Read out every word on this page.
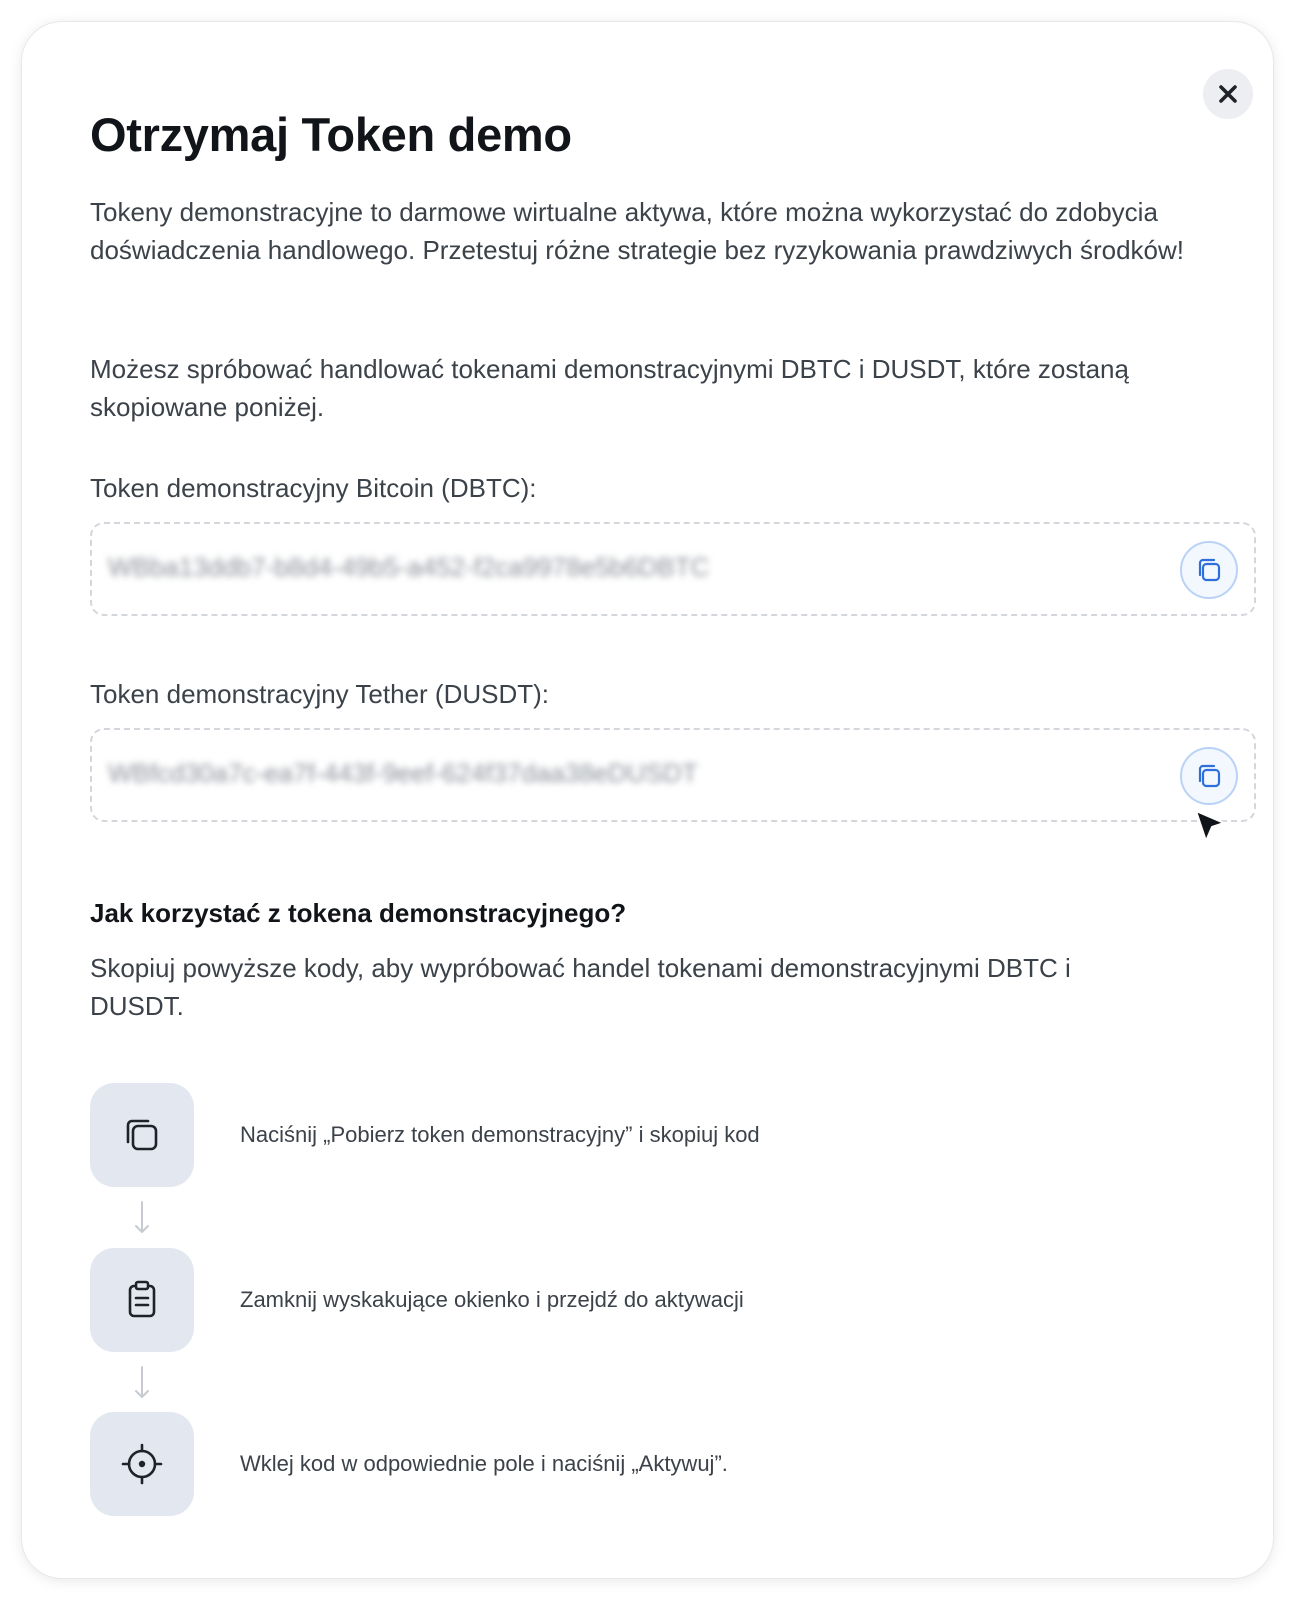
Otrzymaj Token demo

Tokeny demonstracyjne to darmowe wirtualne aktywa, które można wykorzystać do zdobycia doświadczenia handlowego. Przetestuj różne strategie bez ryzykowania prawdziwych środków!

Możesz spróbować handlować tokenami demonstracyjnymi DBTC i DUSDT, które zostaną skopiowane poniżej.

Token demonstracyjny Bitcoin (DBTC):
WBba13ddb7-b8d4-49b5-a452-f2ca9978e5b6DBTC
Token demonstracyjny Tether (DUSDT):
WBfcd30a7c-ea7f-443f-9eef-624f37daa38eDUSDT
Jak korzystać z tokena demonstracyjnego?

Skopiuj powyższe kody, aby wypróbować handel tokenami demonstracyjnymi DBTC i DUSDT.

Naciśnij „Pobierz token demonstracyjny” i skopiuj kod
Zamknij wyskakujące okienko i przejdź do aktywacji
Wklej kod w odpowiednie pole i naciśnij „Aktywuj”.
